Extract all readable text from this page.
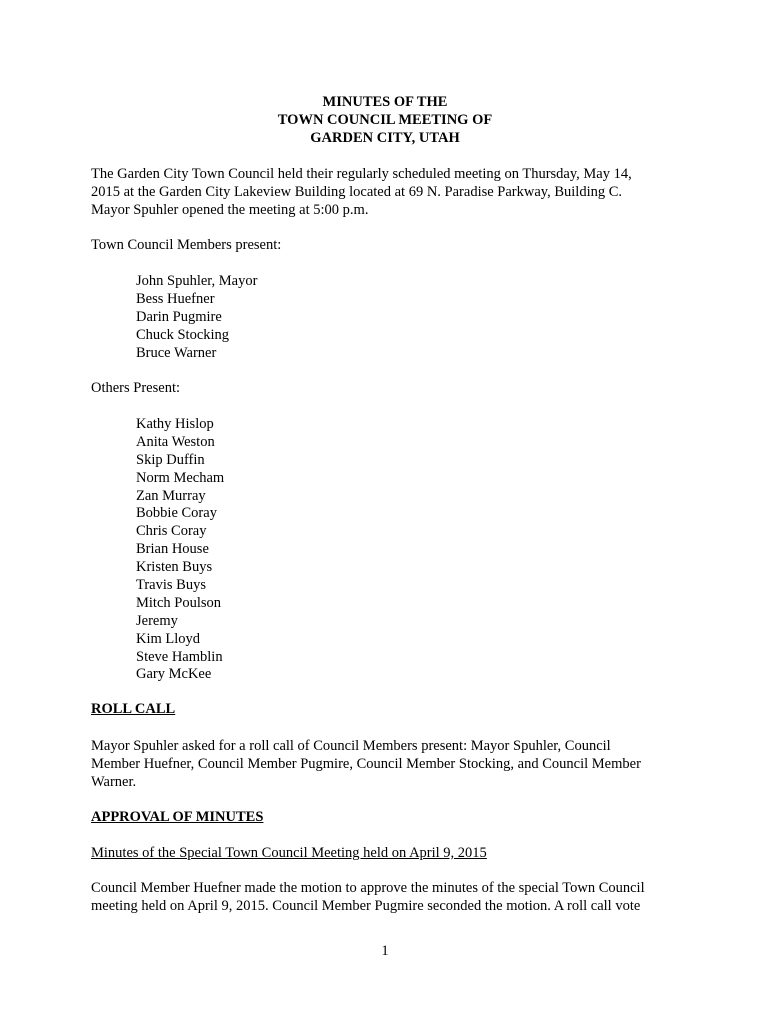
MINUTES OF THE
TOWN COUNCIL MEETING OF
GARDEN CITY, UTAH
The Garden City Town Council held their regularly scheduled meeting on Thursday, May 14,
2015 at the Garden City Lakeview Building located at 69 N. Paradise Parkway, Building C.
Mayor Spuhler opened the meeting at 5:00 p.m.
Town Council Members present:
John Spuhler, Mayor
Bess Huefner
Darin Pugmire
Chuck Stocking
Bruce Warner
Others Present:
Kathy Hislop
Anita Weston
Skip Duffin
Norm Mecham
Zan Murray
Bobbie Coray
Chris Coray
Brian House
Kristen Buys
Travis Buys
Mitch Poulson
Jeremy
Kim Lloyd
Steve Hamblin
Gary McKee
ROLL CALL
Mayor Spuhler asked for a roll call of Council Members present: Mayor Spuhler, Council
Member Huefner, Council Member Pugmire, Council Member Stocking, and Council Member
Warner.
APPROVAL OF MINUTES
Minutes of the Special Town Council Meeting held on April 9, 2015
Council Member Huefner made the motion to approve the minutes of the special Town Council
meeting held on April 9, 2015. Council Member Pugmire seconded the motion. A roll call vote
1
